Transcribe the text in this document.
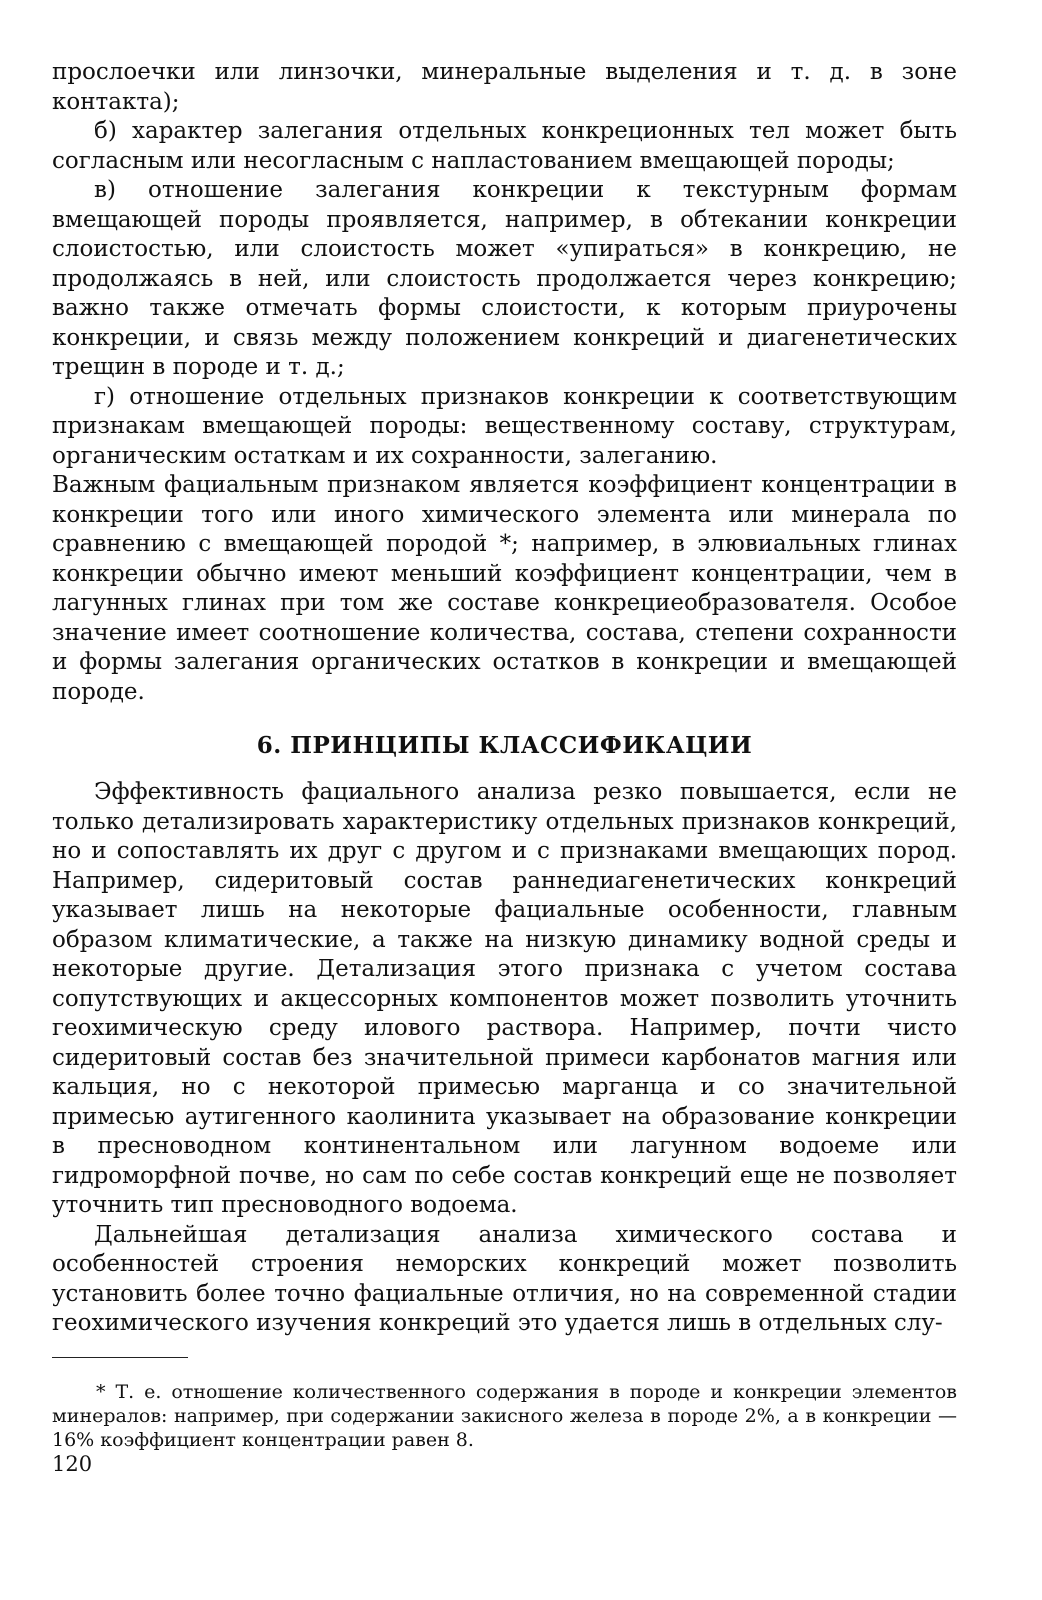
прослоечки или линзочки, минеральные выделения и т. д. в зоне контакта);

б) характер залегания отдельных конкреционных тел может быть согласным или несогласным с напластованием вмещающей породы;

в) отношение залегания конкреции к текстурным формам вмещающей породы проявляется, например, в обтекании конкреции слоистостью, или слоистость может «упираться» в конкрецию, не продолжаясь в ней, или слоистость продолжается через конкрецию; важно также отмечать формы слоистости, к которым приурочены конкреции, и связь между положением конкреций и диагенетических трещин в породе и т. д.;

г) отношение отдельных признаков конкреции к соответствующим признакам вмещающей породы: вещественному составу, структурам, органическим остаткам и их сохранности, залеганию.

Важным фациальным признаком является коэффициент концентрации в конкреции того или иного химического элемента или минерала по сравнению с вмещающей породой *; например, в элювиальных глинах конкреции обычно имеют меньший коэффициент концентрации, чем в лагунных глинах при том же составе конкрециеобразователя. Особое значение имеет соотношение количества, состава, степени сохранности и формы залегания органических остатков в конкреции и вмещающей породе.

6. ПРИНЦИПЫ КЛАССИФИКАЦИИ

Эффективность фациального анализа резко повышается, если не только детализировать характеристику отдельных признаков конкреций, но и сопоставлять их друг с другом и с признаками вмещающих пород. Например, сидеритовый состав раннедиагенетических конкреций указывает лишь на некоторые фациальные особенности, главным образом климатические, а также на низкую динамику водной среды и некоторые другие. Детализация этого признака с учетом состава сопутствующих и акцессорных компонентов может позволить уточнить геохимическую среду илового раствора. Например, почти чисто сидеритовый состав без значительной примеси карбонатов магния или кальция, но с некоторой примесью марганца и со значительной примесью аутигенного каолинита указывает на образование конкреции в пресноводном континентальном или лагунном водоеме или гидроморфной почве, но сам по себе состав конкреций еще не позволяет уточнить тип пресноводного водоема.

Дальнейшая детализация анализа химического состава и особенностей строения неморских конкреций может позволить установить более точно фациальные отличия, но на современной стадии геохимического изучения конкреций это удается лишь в отдельных слу-

* Т. е. отношение количественного содержания в породе и конкреции элементов минералов: например, при содержании закисного железа в породе 2%, а в конкреции — 16% коэффициент концентрации равен 8.

120
